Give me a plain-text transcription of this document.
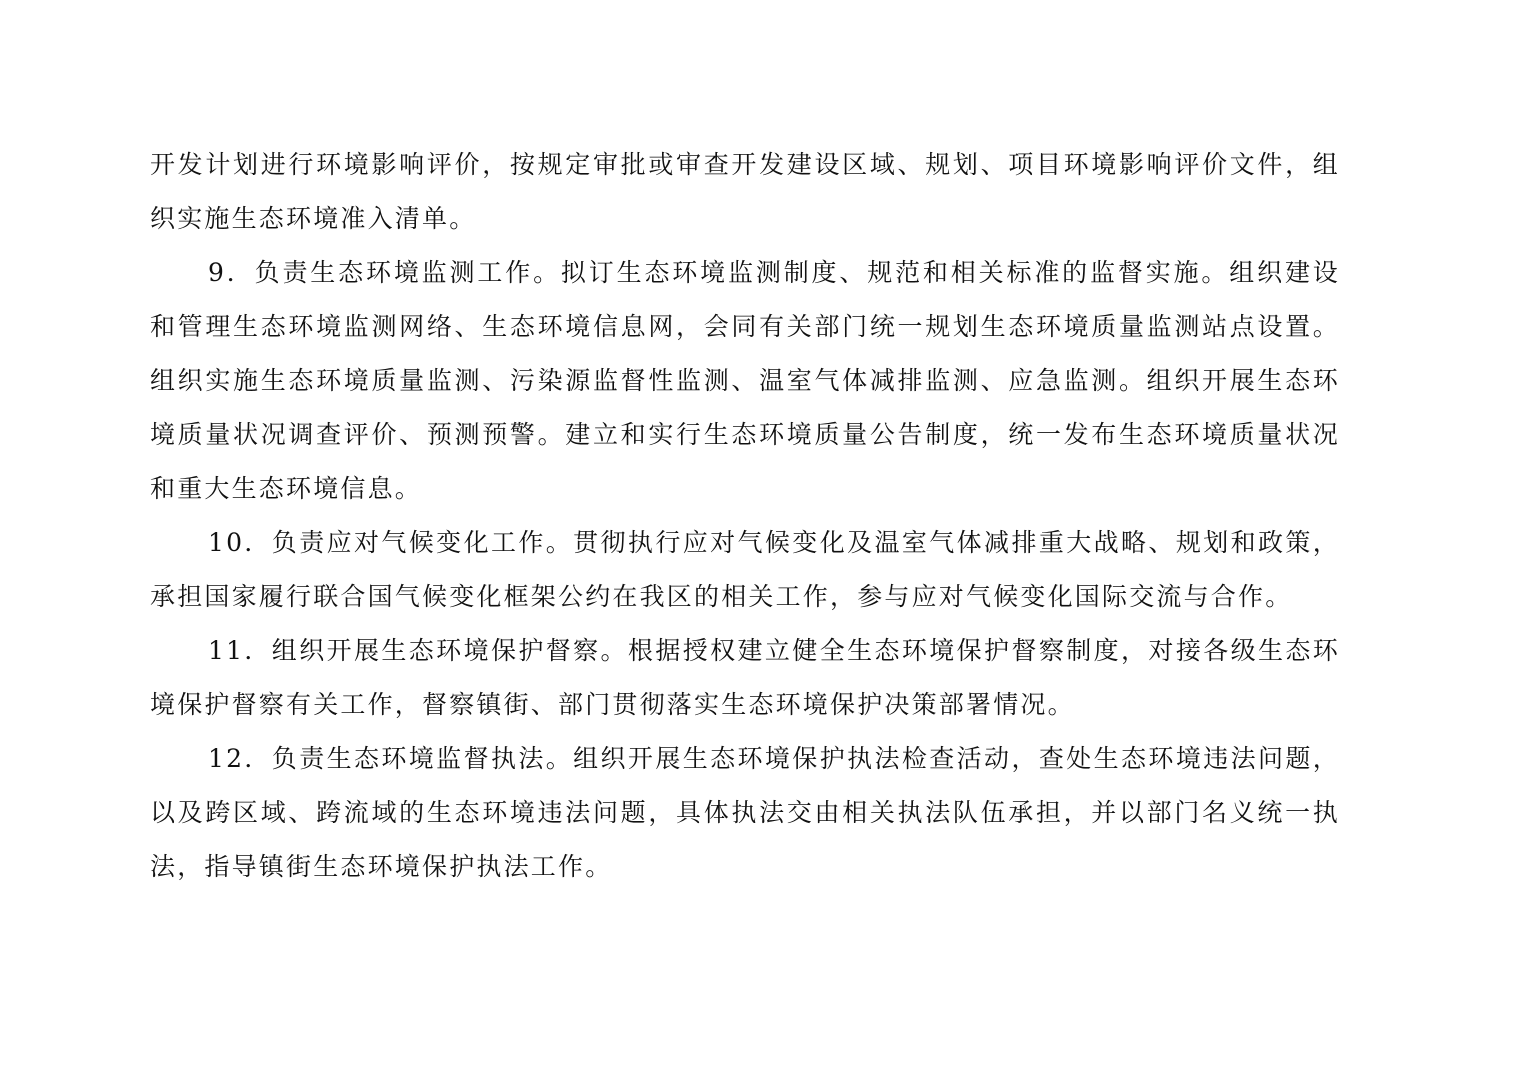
开发计划进行环境影响评价，按规定审批或审查开发建设区域、规划、项目环境影响评价文件，组织实施生态环境准入清单。

9．负责生态环境监测工作。拟订生态环境监测制度、规范和相关标准的监督实施。组织建设和管理生态环境监测网络、生态环境信息网，会同有关部门统一规划生态环境质量监测站点设置。组织实施生态环境质量监测、污染源监督性监测、温室气体减排监测、应急监测。组织开展生态环境质量状况调查评价、预测预警。建立和实行生态环境质量公告制度，统一发布生态环境质量状况和重大生态环境信息。

10．负责应对气候变化工作。贯彻执行应对气候变化及温室气体减排重大战略、规划和政策，承担国家履行联合国气候变化框架公约在我区的相关工作，参与应对气候变化国际交流与合作。

11．组织开展生态环境保护督察。根据授权建立健全生态环境保护督察制度，对接各级生态环境保护督察有关工作，督察镇街、部门贯彻落实生态环境保护决策部署情况。

12．负责生态环境监督执法。组织开展生态环境保护执法检查活动，查处生态环境违法问题，以及跨区域、跨流域的生态环境违法问题，具体执法交由相关执法队伍承担，并以部门名义统一执法，指导镇街生态环境保护执法工作。
